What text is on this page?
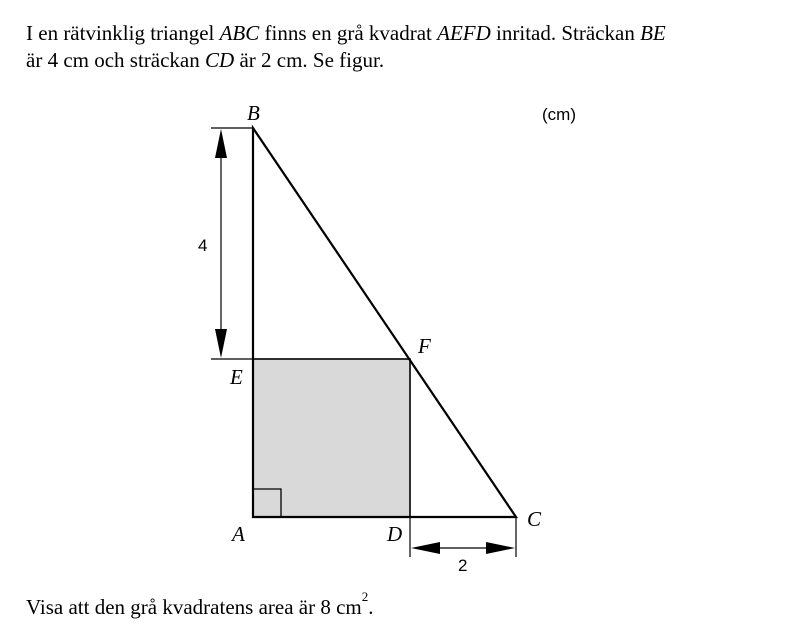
I en rätvinklig triangel ABC finns en grå kvadrat AEFD inritad. Sträckan BE
är 4 cm och sträckan CD är 2 cm. Se figur.
B
E
F
A	D
C
4
2
(cm)
Visa att den grå kvadratens area är 8 $cm^2$.
